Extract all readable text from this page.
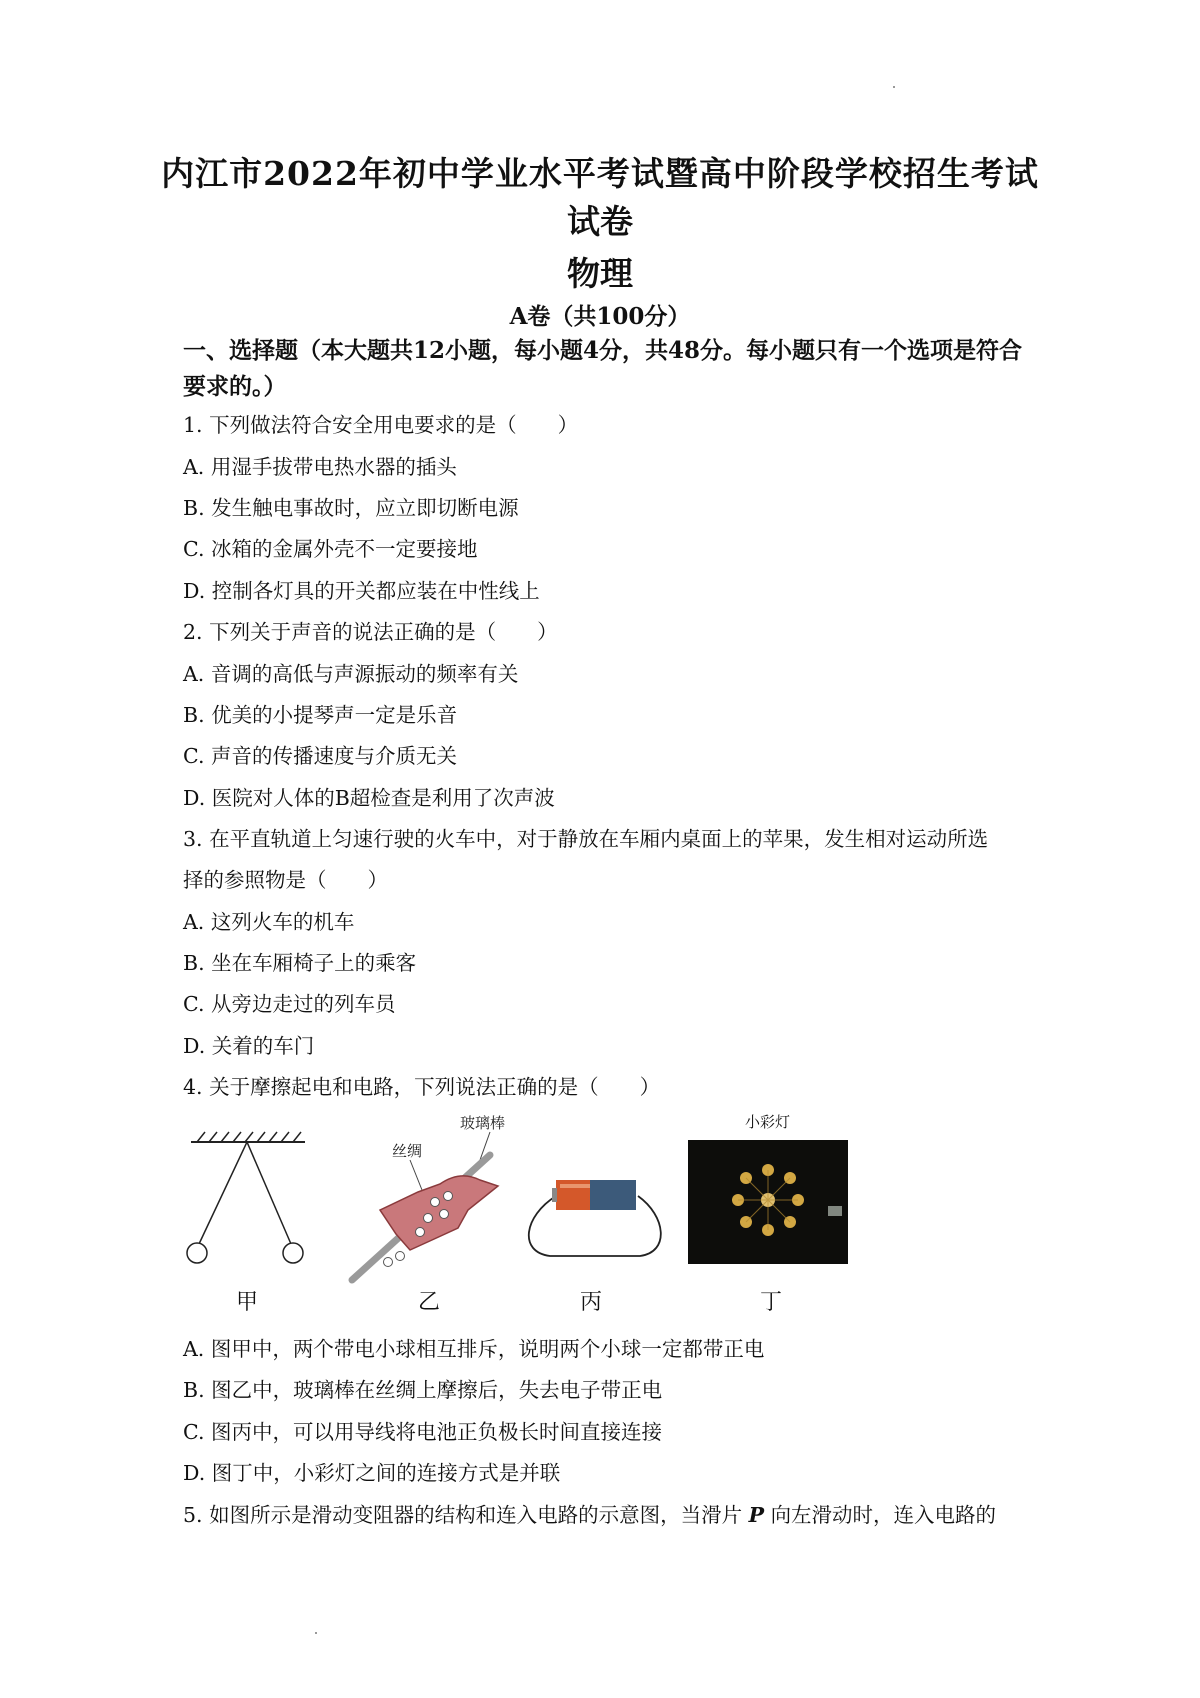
内江市2022年初中学业水平考试暨高中阶段学校招生考试
试卷
物理
A卷（共100分）
一、选择题（本大题共12小题，每小题4分，共48分。每小题只有一个选项是符合要求的。）
1. 下列做法符合安全用电要求的是（　　）
A. 用湿手拔带电热水器的插头
B. 发生触电事故时，应立即切断电源
C. 冰箱的金属外壳不一定要接地
D. 控制各灯具的开关都应装在中性线上
2. 下列关于声音的说法正确的是（　　）
A. 音调的高低与声源振动的频率有关
B. 优美的小提琴声一定是乐音
C. 声音的传播速度与介质无关
D. 医院对人体的B超检查是利用了次声波
3. 在平直轨道上匀速行驶的火车中，对于静放在车厢内桌面上的苹果，发生相对运动所选
择的参照物是（　　）
A. 这列火车的机车
B. 坐在车厢椅子上的乘客
C. 从旁边走过的列车员
D. 关着的车门
4. 关于摩擦起电和电路，下列说法正确的是（　　）
玻璃棒
丝绸
小彩灯
甲	乙	丙	丁
A. 图甲中，两个带电小球相互排斥，说明两个小球一定都带正电
B. 图乙中，玻璃棒在丝绸上摩擦后，失去电子带正电
C. 图丙中，可以用导线将电池正负极长时间直接连接
D. 图丁中，小彩灯之间的连接方式是并联
5. 如图所示是滑动变阻器的结构和连入电路的示意图，当滑片 P 向左滑动时，连入电路的
